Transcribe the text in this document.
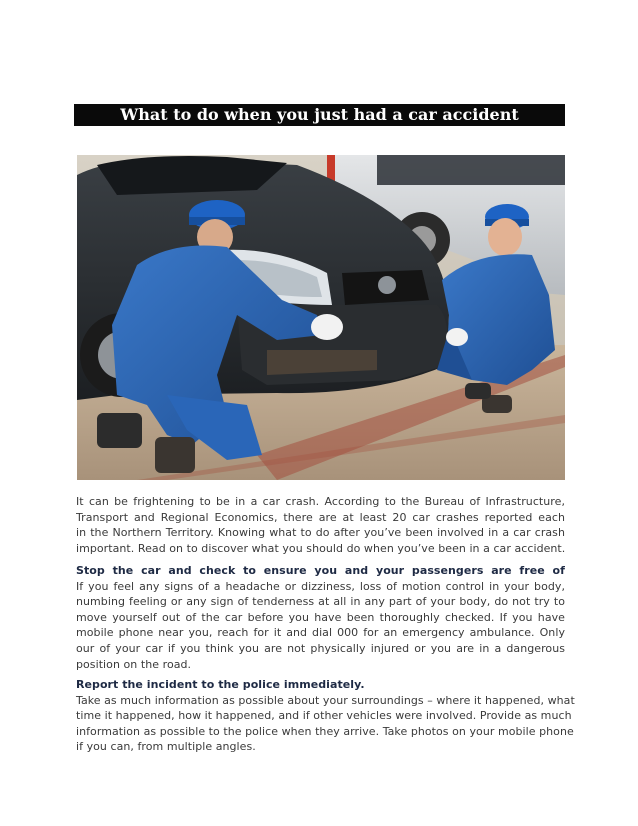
What to do when you just had a car accident
It can be frightening to be in a car crash. According to the Bureau of Infrastructure,
Transport and Regional Economics, there are at least 20 car crashes reported each
in the Northern Territory. Knowing what to do after you’ve been involved in a car crash
important. Read on to discover what you should do when you’ve been in a car accident.
Stop the car and check to ensure you and your passengers are free of
If you feel any signs of a headache or dizziness, loss of motion control in your body,
numbing feeling or any sign of tenderness at all in any part of your body, do not try to
move yourself out of the car before you have been thoroughly checked. If you have
mobile phone near you, reach for it and dial 000 for an emergency ambulance. Only
our of your car if you think you are not physically injured or you are in a dangerous
position on the road.
Report the incident to the police immediately.
Take as much information as possible about your surroundings – where it happened, what
time it happened, how it happened, and if other vehicles were involved. Provide as much
information as possible to the police when they arrive. Take photos on your mobile phone
if you can, from multiple angles.
